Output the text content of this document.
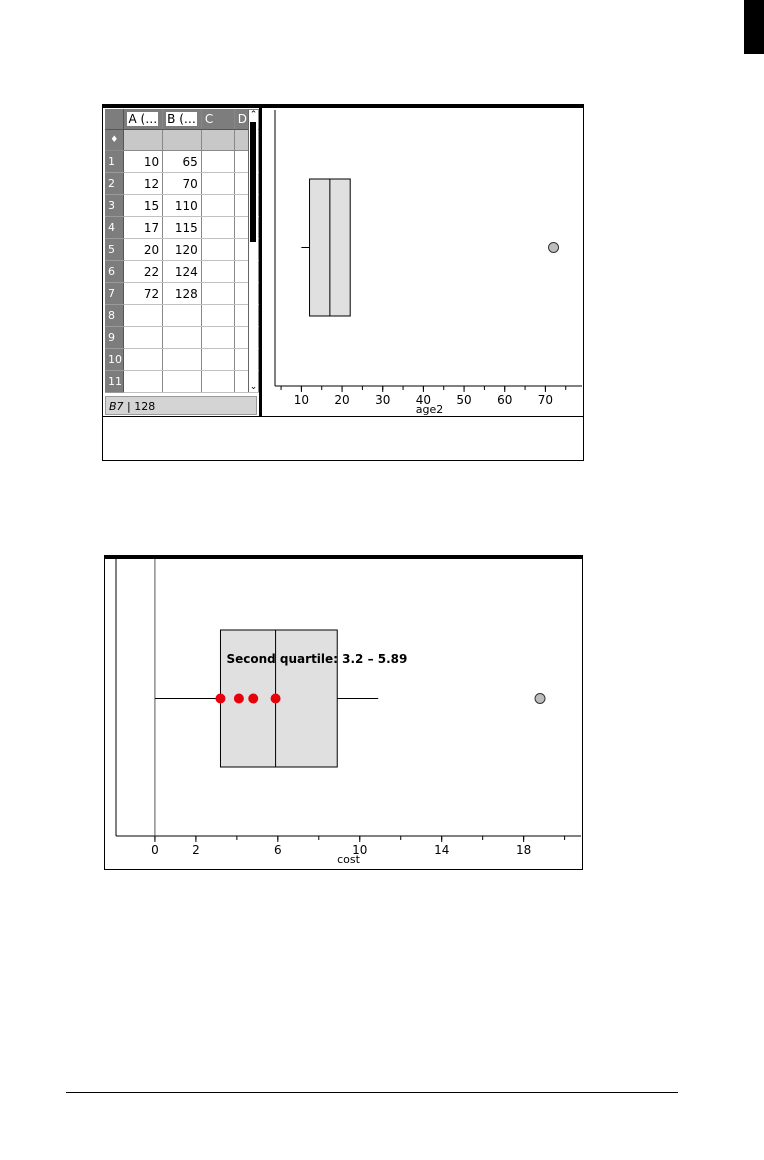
	A (…	B (…	C	D
♦				
1	10	65		
2	12	70		
3	15	110		
4	17	115		
5	20	120		
6	22	124		
7	72	128		
8				
9				
10				
11				
⌃
⌄
B7 | 128	10 20 30 40 50 60 70
age2
0	2	6	10	14	18
cost
Second quartile: 3.2 – 5.89
